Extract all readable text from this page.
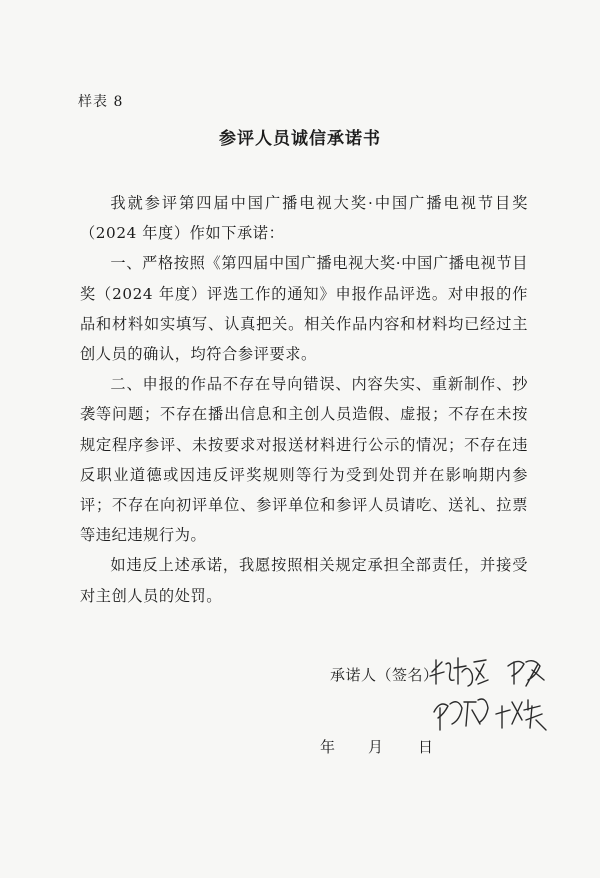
样表 8
参评人员诚信承诺书

我就参评第四届中国广播电视大奖·中国广播电视节目奖（2024 年度）作如下承诺：

一、严格按照《第四届中国广播电视大奖·中国广播电视节目奖（2024 年度）评选工作的通知》申报作品评选。对申报的作品和材料如实填写、认真把关。相关作品内容和材料均已经过主创人员的确认，均符合参评要求。

二、申报的作品不存在导向错误、内容失实、重新制作、抄袭等问题；不存在播出信息和主创人员造假、虚报；不存在未按规定程序参评、未按要求对报送材料进行公示的情况；不存在违反职业道德或因违反评奖规则等行为受到处罚并在影响期内参评；不存在向初评单位、参评单位和参评人员请吃、送礼、拉票等违纪违规行为。

如违反上述承诺，我愿按照相关规定承担全部责任，并接受对主创人员的处罚。

承诺人（签名）
年 月 日
